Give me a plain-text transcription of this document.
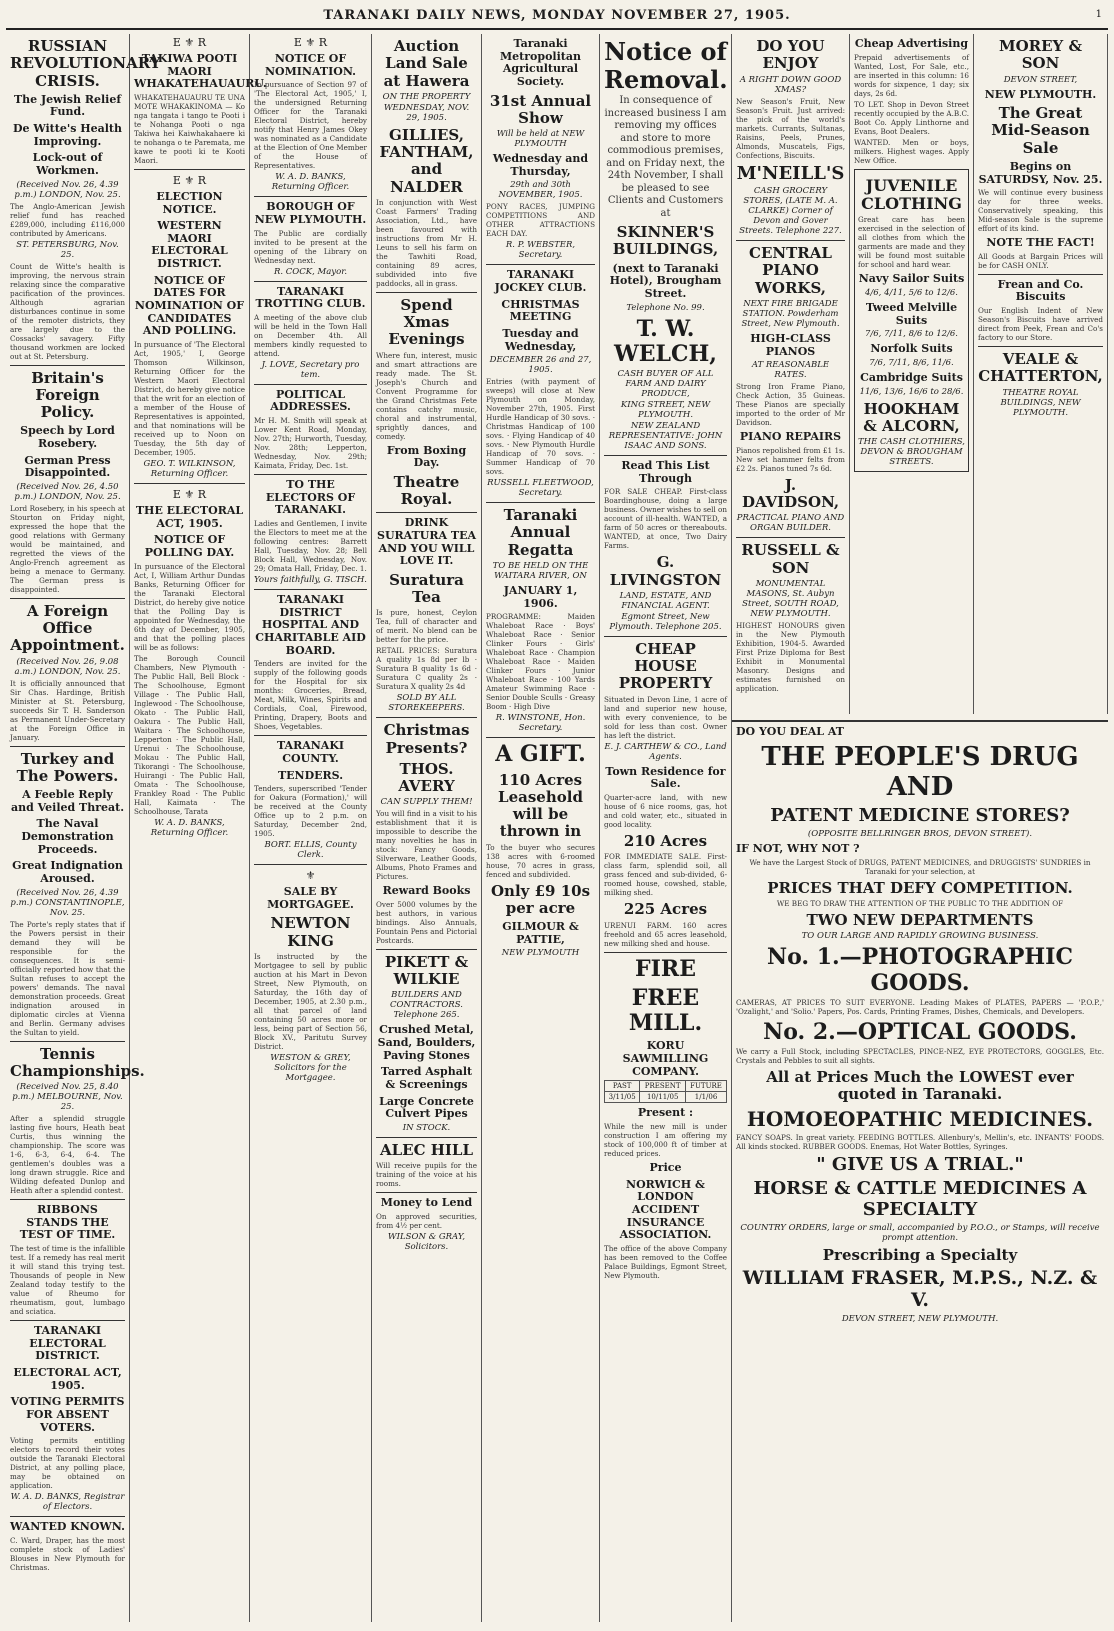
TARANAKI DAILY NEWS, MONDAY NOVEMBER 27, 1905.	1
RUSSIAN REVOLUTIONARY CRISIS.
The Jewish Relief Fund.
De Witte's Health Improving.
Lock-out of Workmen.
(Received Nov. 26, 4.39 p.m.) LONDON, Nov. 25.
The Anglo-American Jewish relief fund has reached £289,000, including £116,000 contributed by Americans.
ST. PETERSBURG, Nov. 25.
Count de Witte's health is improving, the nervous strain relaxing since the comparative pacification of the provinces. Although agrarian disturbances continue in some of the remoter districts, they are largely due to the Cossacks' savagery. Fifty thousand workmen are locked out at St. Petersburg.
Britain's Foreign Policy.
Speech by Lord Rosebery.
German Press Disappointed.
(Received Nov. 26, 4.50 p.m.) LONDON, Nov. 25.
Lord Rosebery, in his speech at Stourton on Friday night, expressed the hope that the good relations with Germany would be maintained, and regretted the views of the Anglo-French agreement as being a menace to Germany. The German press is disappointed.
A Foreign Office Appointment.
(Received Nov. 26, 9.08 a.m.) LONDON, Nov. 25.
It is officially announced that Sir Chas. Hardinge, British Minister at St. Petersburg, succeeds Sir T. H. Sanderson as Permanent Under-Secretary at the Foreign Office in January.
Turkey and The Powers.
A Feeble Reply and Veiled Threat.
The Naval Demonstration Proceeds.
Great Indignation Aroused.
(Received Nov. 26, 4.39 p.m.) CONSTANTINOPLE, Nov. 25.
The Porte's reply states that if the Powers persist in their demand they will be responsible for the consequences. It is semi-officially reported how that the Sultan refuses to accept the powers' demands. The naval demonstration proceeds. Great indignation aroused in diplomatic circles at Vienna and Berlin. Germany advises the Sultan to yield.
Tennis Championships.
(Received Nov. 25, 8.40 p.m.) MELBOURNE, Nov. 25.
After a splendid struggle lasting five hours, Heath beat Curtis, thus winning the championship. The score was 1-6, 6-3, 6-4, 6-4. The gentlemen's doubles was a long drawn struggle. Rice and Wilding defeated Dunlop and Heath after a splendid contest.
RIBBONS STANDS THE TEST OF TIME.
The test of time is the infallible test. If a remedy has real merit it will stand this trying test. Thousands of people in New Zealand today testify to the value of Rheumo for rheumatism, gout, lumbago and sciatica.
TARANAKI ELECTORAL DISTRICT.
ELECTORAL ACT, 1905.
VOTING PERMITS FOR ABSENT VOTERS.
Voting permits entitling electors to record their votes outside the Taranaki Electoral District, at any polling place, may be obtained on application.
W. A. D. BANKS, Registrar of Electors.
WANTED KNOWN.
C. Ward, Draper, has the most complete stock of Ladies' Blouses in New Plymouth for Christmas.
E ⚜ R
TAKIWA POOTI MAORI WHAKATEHAUAURU.
WHAKATEHAUAURU TE UNA MOTE WHAKAKINOMA — Ko nga tangata i tango te Pooti i te Nohanga Pooti o nga Takiwa hei Kaiwhakahaere ki te nohanga o te Paremata, me kawe te pooti ki te Kooti Maori.
E ⚜ R
ELECTION NOTICE.
WESTERN MAORI ELECTORAL DISTRICT.
NOTICE OF DATES FOR NOMINATION OF CANDIDATES AND POLLING.
In pursuance of 'The Electoral Act, 1905,' I, George Thomson Wilkinson, Returning Officer for the Western Maori Electoral District, do hereby give notice that the writ for an election of a member of the House of Representatives is appointed, and that nominations will be received up to Noon on Tuesday, the 5th day of December, 1905.
GEO. T. WILKINSON, Returning Officer.
E ⚜ R
THE ELECTORAL ACT, 1905.
NOTICE OF POLLING DAY.
In pursuance of the Electoral Act, I, William Arthur Dundas Banks, Returning Officer for the Taranaki Electoral District, do hereby give notice that the Polling Day is appointed for Wednesday, the 6th day of December, 1905, and that the polling places will be as follows:
The Borough Council Chambers, New Plymouth · The Public Hall, Bell Block · The Schoolhouse, Egmont Village · The Public Hall, Inglewood · The Schoolhouse, Okato · The Public Hall, Oakura · The Public Hall, Waitara · The Schoolhouse, Lepperton · The Public Hall, Urenui · The Schoolhouse, Mokau · The Public Hall, Tikorangi · The Schoolhouse, Huirangi · The Public Hall, Omata · The Schoolhouse, Frankley Road · The Public Hall, Kaimata · The Schoolhouse, Tarata
W. A. D. BANKS, Returning Officer.
E ⚜ R
NOTICE OF NOMINATION.
In pursuance of Section 97 of 'The Electoral Act, 1905,' I, the undersigned Returning Officer for the Taranaki Electoral District, hereby notify that Henry James Okey was nominated as a Candidate at the Election of One Member of the House of Representatives.
W. A. D. BANKS, Returning Officer.
BOROUGH OF NEW PLYMOUTH.
The Public are cordially invited to be present at the opening of the Library on Wednesday next.
R. COCK, Mayor.
TARANAKI TROTTING CLUB.
A meeting of the above club will be held in the Town Hall on December 4th. All members kindly requested to attend.
J. LOVE, Secretary pro tem.
POLITICAL ADDRESSES.
Mr H. M. Smith will speak at Lower Kent Road, Monday, Nov. 27th; Hurworth, Tuesday, Nov. 28th; Lepperton, Wednesday, Nov. 29th; Kaimata, Friday, Dec. 1st.
TO THE ELECTORS OF TARANAKI.
Ladies and Gentlemen, I invite the Electors to meet me at the following centres: Barrett Hall, Tuesday, Nov. 28; Bell Block Hall, Wednesday, Nov. 29; Omata Hall, Friday, Dec. 1.
Yours faithfully, G. TISCH.
TARANAKI DISTRICT HOSPITAL AND CHARITABLE AID BOARD.
Tenders are invited for the supply of the following goods for the Hospital for six months: Groceries, Bread, Meat, Milk, Wines, Spirits and Cordials, Coal, Firewood, Printing, Drapery, Boots and Shoes, Vegetables.
TARANAKI COUNTY.
TENDERS.
Tenders, superscribed 'Tender for Oakura (Formation),' will be received at the County Office up to 2 p.m. on Saturday, December 2nd, 1905.
BORT. ELLIS, County Clerk.
⚜
SALE BY MORTGAGEE.
NEWTON KING
Is instructed by the Mortgagee to sell by public auction at his Mart in Devon Street, New Plymouth, on Saturday, the 16th day of December, 1905, at 2.30 p.m., all that parcel of land containing 50 acres more or less, being part of Section 56, Block XV., Paritutu Survey District.
WESTON & GREY, Solicitors for the Mortgagee.
Auction Land Sale at Hawera
ON THE PROPERTY
WEDNESDAY, NOV. 29, 1905.
GILLIES, FANTHAM, and NALDER
In conjunction with West Coast Farmers' Trading Association, Ltd., have been favoured with instructions from Mr H. Leuns to sell his farm on the Tawhiti Road, containing 89 acres, subdivided into five paddocks, all in grass.
Spend Xmas Evenings
Where fun, interest, music and smart attractions are ready made. The St. Joseph's Church and Convent Programme for the Grand Christmas Fete contains catchy music, choral and instrumental, sprightly dances, and comedy.
From Boxing Day.
Theatre Royal.
DRINK SURATURA TEA AND YOU WILL LOVE IT.
Suratura Tea
Is pure, honest, Ceylon Tea, full of character and of merit. No blend can be better for the price.
RETAIL PRICES: Suratura A quality 1s 8d per lb · Suratura B quality 1s 6d · Suratura C quality 2s · Suratura X quality 2s 4d
SOLD BY ALL STOREKEEPERS.
Christmas Presents?
THOS. AVERY
CAN SUPPLY THEM!
You will find in a visit to his establishment that it is impossible to describe the many novelties he has in stock: Fancy Goods, Silverware, Leather Goods, Albums, Photo Frames and Pictures.
Reward Books
Over 5000 volumes by the best authors, in various bindings. Also Annuals, Fountain Pens and Pictorial Postcards.
PIKETT & WILKIE
BUILDERS AND CONTRACTORS. Telephone 265.
Crushed Metal, Sand, Boulders, Paving Stones
Tarred Asphalt & Screenings
Large Concrete Culvert Pipes
IN STOCK.
ALEC HILL
Will receive pupils for the training of the voice at his rooms.
Money to Lend
On approved securities, from 4½ per cent.
WILSON & GRAY, Solicitors.
Taranaki Metropolitan Agricultural Society.
31st Annual Show
Will be held at NEW PLYMOUTH
Wednesday and Thursday,
29th and 30th NOVEMBER, 1905.
PONY RACES, JUMPING COMPETITIONS AND OTHER ATTRACTIONS EACH DAY.
R. P. WEBSTER, Secretary.
TARANAKI JOCKEY CLUB.
CHRISTMAS MEETING
Tuesday and Wednesday,
DECEMBER 26 and 27, 1905.
Entries (with payment of sweeps) will close at New Plymouth on Monday, November 27th, 1905. First Hurdle Handicap of 30 sovs. · Christmas Handicap of 100 sovs. · Flying Handicap of 40 sovs. · New Plymouth Hurdle Handicap of 70 sovs. · Summer Handicap of 70 sovs.
RUSSELL FLEETWOOD, Secretary.
Taranaki Annual Regatta
TO BE HELD ON THE WAITARA RIVER, ON
JANUARY 1, 1906.
PROGRAMME: Maiden Whaleboat Race · Boys' Whaleboat Race · Senior Clinker Fours · Girls' Whaleboat Race · Champion Whaleboat Race · Maiden Clinker Fours · Junior Whaleboat Race · 100 Yards Amateur Swimming Race · Senior Double Sculls · Greasy Boom · High Dive
R. WINSTONE, Hon. Secretary.
A GIFT.
110 Acres Leasehold will be thrown in
To the buyer who secures 138 acres with 6-roomed house, 70 acres in grass, fenced and subdivided.
Only £9 10s per acre
GILMOUR & PATTIE,
NEW PLYMOUTH
Notice of Removal.
In consequence of increased business I am removing my offices and store to more commodious premises, and on Friday next, the 24th November, I shall be pleased to see Clients and Customers at
SKINNER'S BUILDINGS,
(next to Taranaki Hotel), Brougham Street.
Telephone No. 99.
T. W. WELCH,
CASH BUYER OF ALL FARM AND DAIRY PRODUCE,
KING STREET, NEW PLYMOUTH.
NEW ZEALAND REPRESENTATIVE: JOHN ISAAC AND SONS.
Read This List Through
FOR SALE CHEAP. First-class Boardinghouse, doing a large business. Owner wishes to sell on account of ill-health. WANTED, a farm of 50 acres or thereabouts. WANTED, at once, Two Dairy Farms.
G. LIVINGSTON
LAND, ESTATE, AND FINANCIAL AGENT.
Egmont Street, New Plymouth. Telephone 205.
CHEAP HOUSE PROPERTY
Situated in Devon Line, 1 acre of land and superior new house, with every convenience, to be sold for less than cost. Owner has left the district.
E. J. CARTHEW & CO., Land Agents.
Town Residence for Sale.
Quarter-acre land, with new house of 6 nice rooms, gas, hot and cold water, etc., situated in good locality.
210 Acres
FOR IMMEDIATE SALE. First-class farm, splendid soil, all grass fenced and sub-divided, 6-roomed house, cowshed, stable, milking shed.
225 Acres
URENUI FARM. 160 acres freehold and 65 acres leasehold, new milking shed and house.
FIRE
FREE MILL.
KORU SAWMILLING COMPANY.
PAST	PRESENT	FUTURE
3/11/05	10/11/05	1/1/06
Present :
While the new mill is under construction I am offering my stock of 100,000 ft of timber at reduced prices.
Price
NORWICH & LONDON ACCIDENT INSURANCE ASSOCIATION.
The office of the above Company has been removed to the Coffee Palace Buildings, Egmont Street, New Plymouth.
DO YOU ENJOY
A RIGHT DOWN GOOD XMAS?
New Season's Fruit, New Season's Fruit. Just arrived: the pick of the world's markets. Currants, Sultanas, Raisins, Peels, Prunes, Almonds, Muscatels, Figs, Confections, Biscuits.
M'NEILL'S
CASH GROCERY STORES, (LATE M. A. CLARKE) Corner of Devon and Gover Streets. Telephone 227.
CENTRAL PIANO WORKS,
NEXT FIRE BRIGADE STATION. Powderham Street, New Plymouth.
HIGH-CLASS PIANOS
AT REASONABLE RATES.
Strong Iron Frame Piano, Check Action, 35 Guineas. These Pianos are specially imported to the order of Mr Davidson.
PIANO REPAIRS
Pianos repolished from £1 1s. New set hammer felts from £2 2s. Pianos tuned 7s 6d.
J. DAVIDSON,
PRACTICAL PIANO AND ORGAN BUILDER.
RUSSELL & SON
MONUMENTAL MASONS, St. Aubyn Street, SOUTH ROAD, NEW PLYMOUTH.
HIGHEST HONOURS given in the New Plymouth Exhibition, 1904-5. Awarded First Prize Diploma for Best Exhibit in Monumental Masonry. Designs and estimates furnished on application.
Cheap Advertising
Prepaid advertisements of Wanted, Lost, For Sale, etc., are inserted in this column: 16 words for sixpence, 1 day; six days, 2s 6d.
TO LET. Shop in Devon Street recently occupied by the A.B.C. Boot Co. Apply Linthorne and Evans, Boot Dealers.
WANTED. Men or boys, milkers. Highest wages. Apply New Office.
JUVENILE CLOTHING
Great care has been exercised in the selection of all clothes from which the garments are made and they will be found most suitable for school and hard wear.
Navy Sailor Suits
4/6, 4/11, 5/6 to 12/6.
Tweed Melville Suits
7/6, 7/11, 8/6 to 12/6.
Norfolk Suits
7/6, 7/11, 8/6, 11/6.
Cambridge Suits
11/6, 13/6, 16/6 to 28/6.
HOOKHAM & ALCORN,
THE CASH CLOTHIERS, DEVON & BROUGHAM STREETS.
MOREY & SON
DEVON STREET,
NEW PLYMOUTH.
The Great Mid-Season Sale
Begins on SATURDSY, Nov. 25.
We will continue every business day for three weeks. Conservatively speaking, this Mid-season Sale is the supreme effort of its kind.
NOTE THE FACT!
All Goods at Bargain Prices will be for CASH ONLY.
Frean and Co. Biscuits
Our English Indent of New Season's Biscuits have arrived direct from Peek, Frean and Co's factory to our Store.
VEALE & CHATTERTON,
THEATRE ROYAL BUILDINGS, NEW PLYMOUTH.
DO YOU DEAL AT
THE PEOPLE'S DRUG AND
PATENT MEDICINE STORES?
(OPPOSITE BELLRINGER BROS, DEVON STREET).
IF NOT, WHY NOT ?
We have the Largest Stock of DRUGS, PATENT MEDICINES, and DRUGGISTS' SUNDRIES in Taranaki for your selection, at
PRICES THAT DEFY COMPETITION.
WE BEG TO DRAW THE ATTENTION OF THE PUBLIC TO THE ADDITION OF
TWO NEW DEPARTMENTS
TO OUR LARGE AND RAPIDLY GROWING BUSINESS.
No. 1.—PHOTOGRAPHIC GOODS.
CAMERAS, AT PRICES TO SUIT EVERYONE. Leading Makes of PLATES, PAPERS — 'P.O.P.,' 'Ozalight,' and 'Solio.' Papers, Pos. Cards, Printing Frames, Dishes, Chemicals, and Developers.
No. 2.—OPTICAL GOODS.
We carry a Full Stock, including SPECTACLES, PINCE-NEZ, EYE PROTECTORS, GOGGLES, Etc. Crystals and Pebbles to suit all sights.
All at Prices Much the LOWEST ever quoted in Taranaki.
HOMOEOPATHIC MEDICINES.
FANCY SOAPS. In great variety. FEEDING BOTTLES. Allenbury's, Mellin's, etc. INFANTS' FOODS. All kinds stocked. RUBBER GOODS. Enemas, Hot Water Bottles, Syringes.
" GIVE US A TRIAL."
HORSE & CATTLE MEDICINES A SPECIALTY
COUNTRY ORDERS, large or small, accompanied by P.O.O., or Stamps, will receive prompt attention.
Prescribing a Specialty
WILLIAM FRASER, M.P.S., N.Z. & V.
DEVON STREET, NEW PLYMOUTH.
